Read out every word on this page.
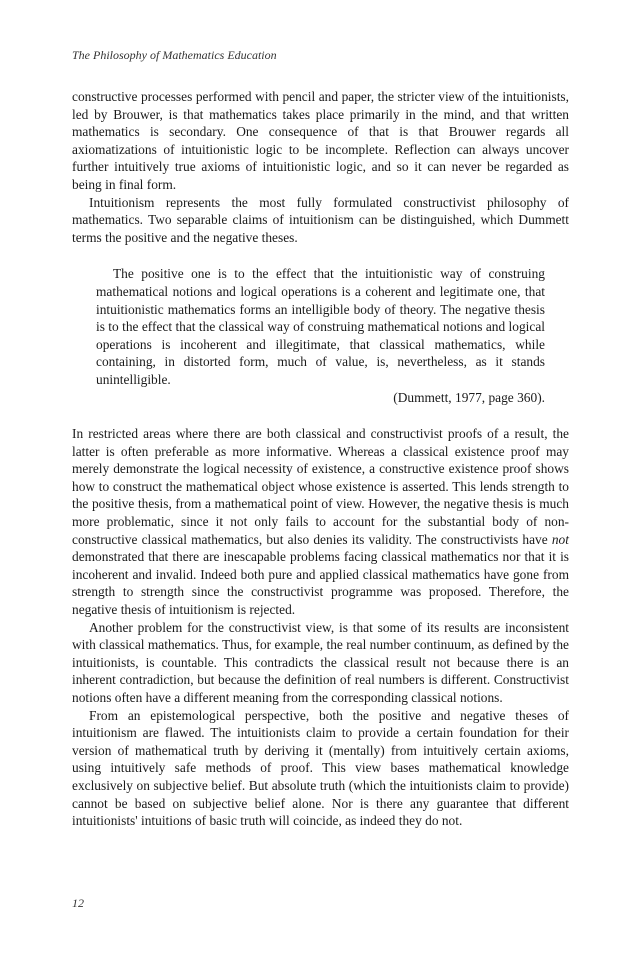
The Philosophy of Mathematics Education

constructive processes performed with pencil and paper, the stricter view of the intuitionists, led by Brouwer, is that mathematics takes place primarily in the mind, and that written mathematics is secondary. One consequence of that is that Brouwer regards all axiomatizations of intuitionistic logic to be incomplete. Reflection can always uncover further intuitively true axioms of intuitionistic logic, and so it can never be regarded as being in final form.

Intuitionism represents the most fully formulated constructivist philosophy of mathematics. Two separable claims of intuitionism can be distinguished, which Dummett terms the positive and the negative theses.

The positive one is to the effect that the intuitionistic way of construing mathematical notions and logical operations is a coherent and legitimate one, that intuitionistic mathematics forms an intelligible body of theory. The negative thesis is to the effect that the classical way of construing mathematical notions and logical operations is incoherent and illegitimate, that classical mathematics, while containing, in distorted form, much of value, is, nevertheless, as it stands unintelligible.

(Dummett, 1977, page 360).

In restricted areas where there are both classical and constructivist proofs of a result, the latter is often preferable as more informative. Whereas a classical existence proof may merely demonstrate the logical necessity of existence, a constructive existence proof shows how to construct the mathematical object whose existence is asserted. This lends strength to the positive thesis, from a mathematical point of view. However, the negative thesis is much more problematic, since it not only fails to account for the substantial body of non-constructive classical mathematics, but also denies its validity. The constructivists have not demonstrated that there are inescapable problems facing classical mathematics nor that it is incoherent and invalid. Indeed both pure and applied classical mathematics have gone from strength to strength since the constructivist programme was proposed. Therefore, the negative thesis of intuitionism is rejected.

Another problem for the constructivist view, is that some of its results are inconsistent with classical mathematics. Thus, for example, the real number continuum, as defined by the intuitionists, is countable. This contradicts the classical result not because there is an inherent contradiction, but because the definition of real numbers is different. Constructivist notions often have a different meaning from the corresponding classical notions.

From an epistemological perspective, both the positive and negative theses of intuitionism are flawed. The intuitionists claim to provide a certain foundation for their version of mathematical truth by deriving it (mentally) from intuitively certain axioms, using intuitively safe methods of proof. This view bases mathematical knowledge exclusively on subjective belief. But absolute truth (which the intuitionists claim to provide) cannot be based on subjective belief alone. Nor is there any guarantee that different intuitionists' intuitions of basic truth will coincide, as indeed they do not.

12
